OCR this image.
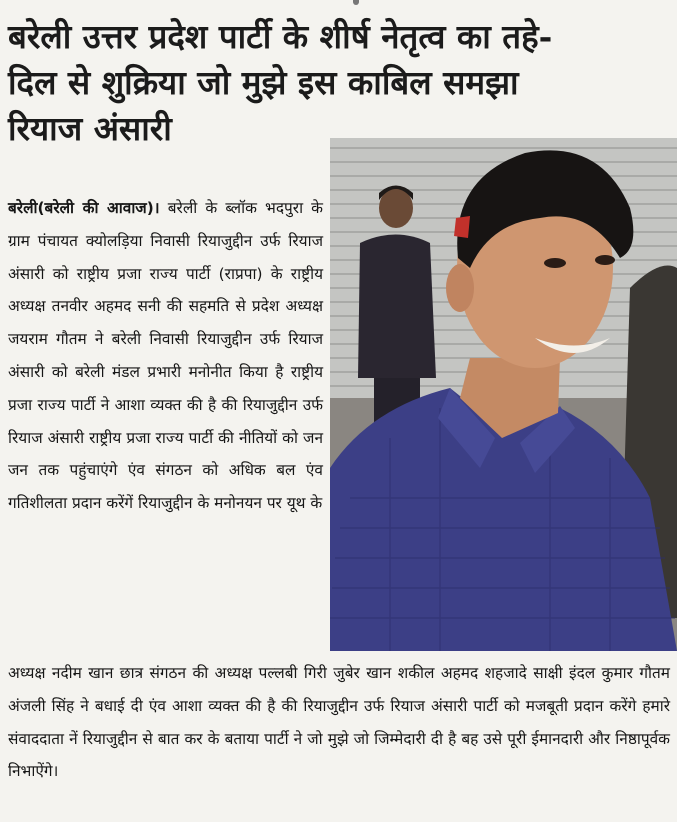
बरेली उत्तर प्रदेश पार्टी के शीर्ष नेतृत्व का तहे-
दिल से शुक्रिया जो मुझे इस काबिल समझा
रियाज अंसारी

बरेली(बरेली की आवाज)। बरेली के ब्लॉक भदपुरा के ग्राम पंचायत क्योलड़िया निवासी रियाजुद्दीन उर्फ रियाज अंसारी को राष्ट्रीय प्रजा राज्य पार्टी (राप्रपा) के राष्ट्रीय अध्यक्ष तनवीर अहमद सनी की सहमति से प्रदेश अध्यक्ष जयराम गौतम ने बरेली निवासी रियाजुद्दीन उर्फ रियाज अंसारी को बरेली मंडल प्रभारी मनोनीत किया है राष्ट्रीय प्रजा राज्य पार्टी ने आशा व्यक्त की है की रियाजुद्दीन उर्फ रियाज अंसारी राष्ट्रीय प्रजा राज्य पार्टी की नीतियों को जन जन तक पहुंचाएंगे एंव संगठन को अधिक बल एंव गतिशीलता प्रदान करेंगें रियाजुद्दीन के मनोनयन पर यूथ के

अध्यक्ष नदीम खान छात्र संगठन की अध्यक्ष पल्लबी गिरी जुबेर खान शकील अहमद शहजादे साक्षी इंदल कुमार गौतम अंजली सिंह ने बधाई दी एंव आशा व्यक्त की है की रियाजुद्दीन उर्फ रियाज अंसारी पार्टी को मजबूती प्रदान करेंगे हमारे संवाददाता नें रियाजुद्दीन से बात कर के बताया पार्टी ने जो मुझे जो जिम्मेदारी दी है बह उसे पूरी ईमानदारी और निष्ठापूर्वक निभाऐंगे।
